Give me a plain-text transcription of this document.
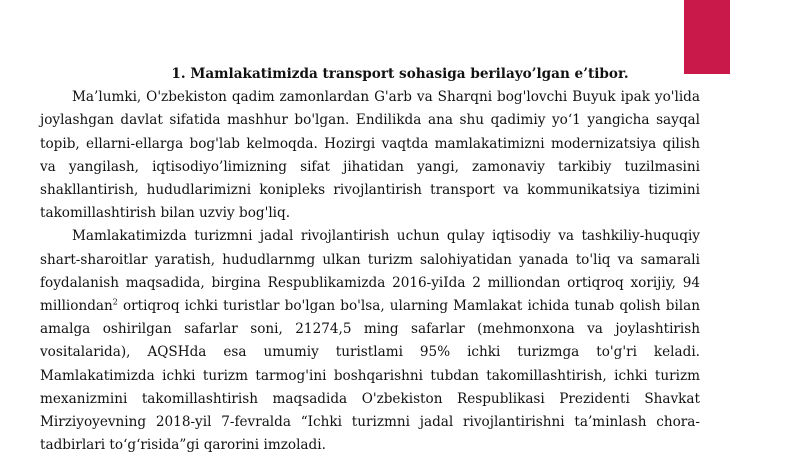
1. Mamlakatimizda transport sohasiga berilayo’lgan e’tibor.

Ma’lumki, O'zbekiston qadim zamonlardan G'arb va Sharqni bog'lovchi Buyuk ipak yo'lida joylashgan davlat sifatida mashhur bo'lgan. Endilikda ana shu qadimiy yo‘1 yangicha sayqal topib, ellarni-ellarga bog'lab kelmoqda. Hozirgi vaqtda mamlakatimizni modernizatsiya qilish va yangilash, iqtisodiyo’limizning sifat jihatidan yangi, zamonaviy tarkibiy tuzilmasini shakllantirish, hududlarimizni konipleks rivojlantirish transport va kommunikatsiya tizimini takomillashtirish bilan uzviy bog'liq.

Mamlakatimizda turizmni jadal rivojlantirish uchun qulay iqtisodiy va tashkiliy-huquqiy shart-sharoitlar yaratish, hududlarnmg ulkan turizm salohiyatidan yanada to'liq va samarali foydalanish maqsadida, birgina Respublikamizda 2016-yiIda 2 milliondan ortiqroq xorijiy, 94 milliondan$^2$ ortiqroq ichki turistlar bo'lgan bo'lsa, ularning Mamlakat ichida tunab qolish bilan amalga oshirilgan safarlar soni, 21274,5 ming safarlar (mehmonxona va joylashtirish vositalarida), AQSHda esa umumiy turistlami 95% ichki turizmga to'g'ri keladi. Mamlakatimizda ichki turizm tarmog'ini boshqarishni tubdan takomillashtirish, ichki turizm mexanizmini takomillashtirish maqsadida O'zbekiston Respublikasi Prezidenti Shavkat Mirziyoyevning 2018-yil 7-fevralda “Ichki turizmni jadal rivojlantirishni ta’minlash chora- tadbirlari to‘g‘risida”gi qarorini imzoladi.
